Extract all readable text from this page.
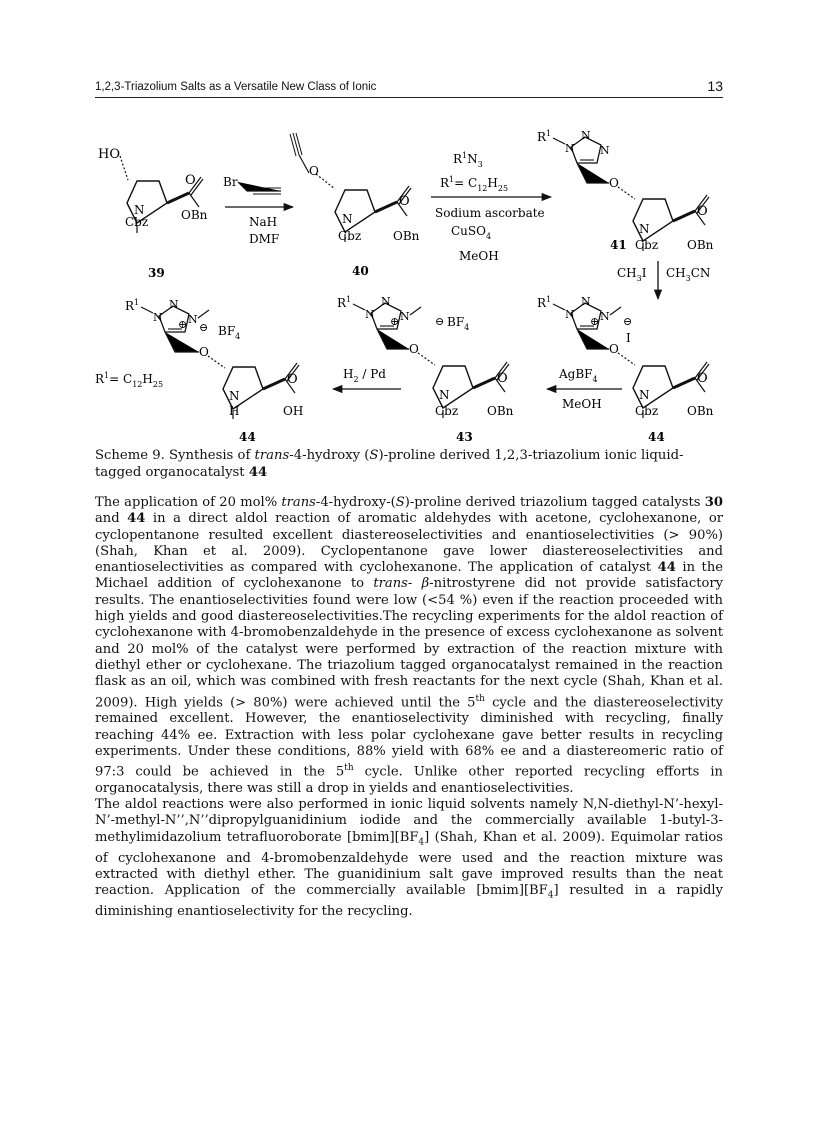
1,2,3-Triazolium Salts as a Versatile New Class of Ionic	13
HO
O
N
Cbz	OBn
39
Br
NaH
DMF
O
O
N
Cbz	OBn
40
$R^1N_3$
$R^1= C_{12}H_{25}$
Sodium ascorbate
CuSO$_4$
MeOH
$R^1$
N
N
N
O
O
N
Cbz OBn
41
$CH_3I$ $CH_3CN$
$R^1$
N
N
N
⊕ ⊖
I
O
O
N
Cbz OBn
44
AgBF$_4$
MeOH
$R^1$
N
N
N
⊕	⊖ $BF_4$
O
O
N
Cbz OBn
43
$H_2$ / Pd
$R^1$
N
N
N
⊕ ⊖ $BF_4$
O
O
N
H	OH
$R^1= C_{12}H_{25}$
44
Scheme 9. Synthesis of trans-4-hydroxy (S)-proline derived 1,2,3-triazolium ionic liquid-tagged organocatalyst 44

The application of 20 mol% trans-4-hydroxy-(S)-proline derived triazolium tagged catalysts 30 and 44 in a direct aldol reaction of aromatic aldehydes with acetone, cyclohexanone, or cyclopentanone resulted excellent diastereoselectivities and enantioselectivities (> 90%)(Shah, Khan et al. 2009). Cyclopentanone gave lower diastereoselectivities and enantioselectivities as compared with cyclohexanone. The application of catalyst 44 in the Michael addition of cyclohexanone to trans- β-nitrostyrene did not provide satisfactory results. The enantioselectivities found were low (<54 %) even if the reaction proceeded with high yields and good diastereoselectivities.The recycling experiments for the aldol reaction of cyclohexanone with 4-bromobenzaldehyde in the presence of excess cyclohexanone as solvent and 20 mol% of the catalyst were performed by extraction of the reaction mixture with diethyl ether or cyclohexane. The triazolium tagged organocatalyst remained in the reaction flask as an oil, which was combined with fresh reactants for the next cycle (Shah, Khan et al. 2009). High yields (> 80%) were achieved until the 5th cycle and the diastereoselectivity remained excellent. However, the enantioselectivity diminished with recycling, finally reaching 44% ee. Extraction with less polar cyclohexane gave better results in recycling experiments. Under these conditions, 88% yield with 68% ee and a diastereomeric ratio of 97:3 could be achieved in the 5th cycle. Unlike other reported recycling efforts in organocatalysis, there was still a drop in yields and enantioselectivities.

The aldol reactions were also performed in ionic liquid solvents namely N,N-diethyl-N’-hexyl-N’-methyl-N’’,N’’dipropylguanidinium iodide and the commercially available 1-butyl-3-methylimidazolium tetrafluoroborate $[bmim][BF_4]$ (Shah, Khan et al. 2009). Equimolar ratios of cyclohexanone and 4-bromobenzaldehyde were used and the reaction mixture was extracted with diethyl ether. The guanidinium salt gave improved results than the neat reaction. Application of the commercially available $[bmim][BF_4]$ resulted in a rapidly diminishing enantioselectivity for the recycling.
